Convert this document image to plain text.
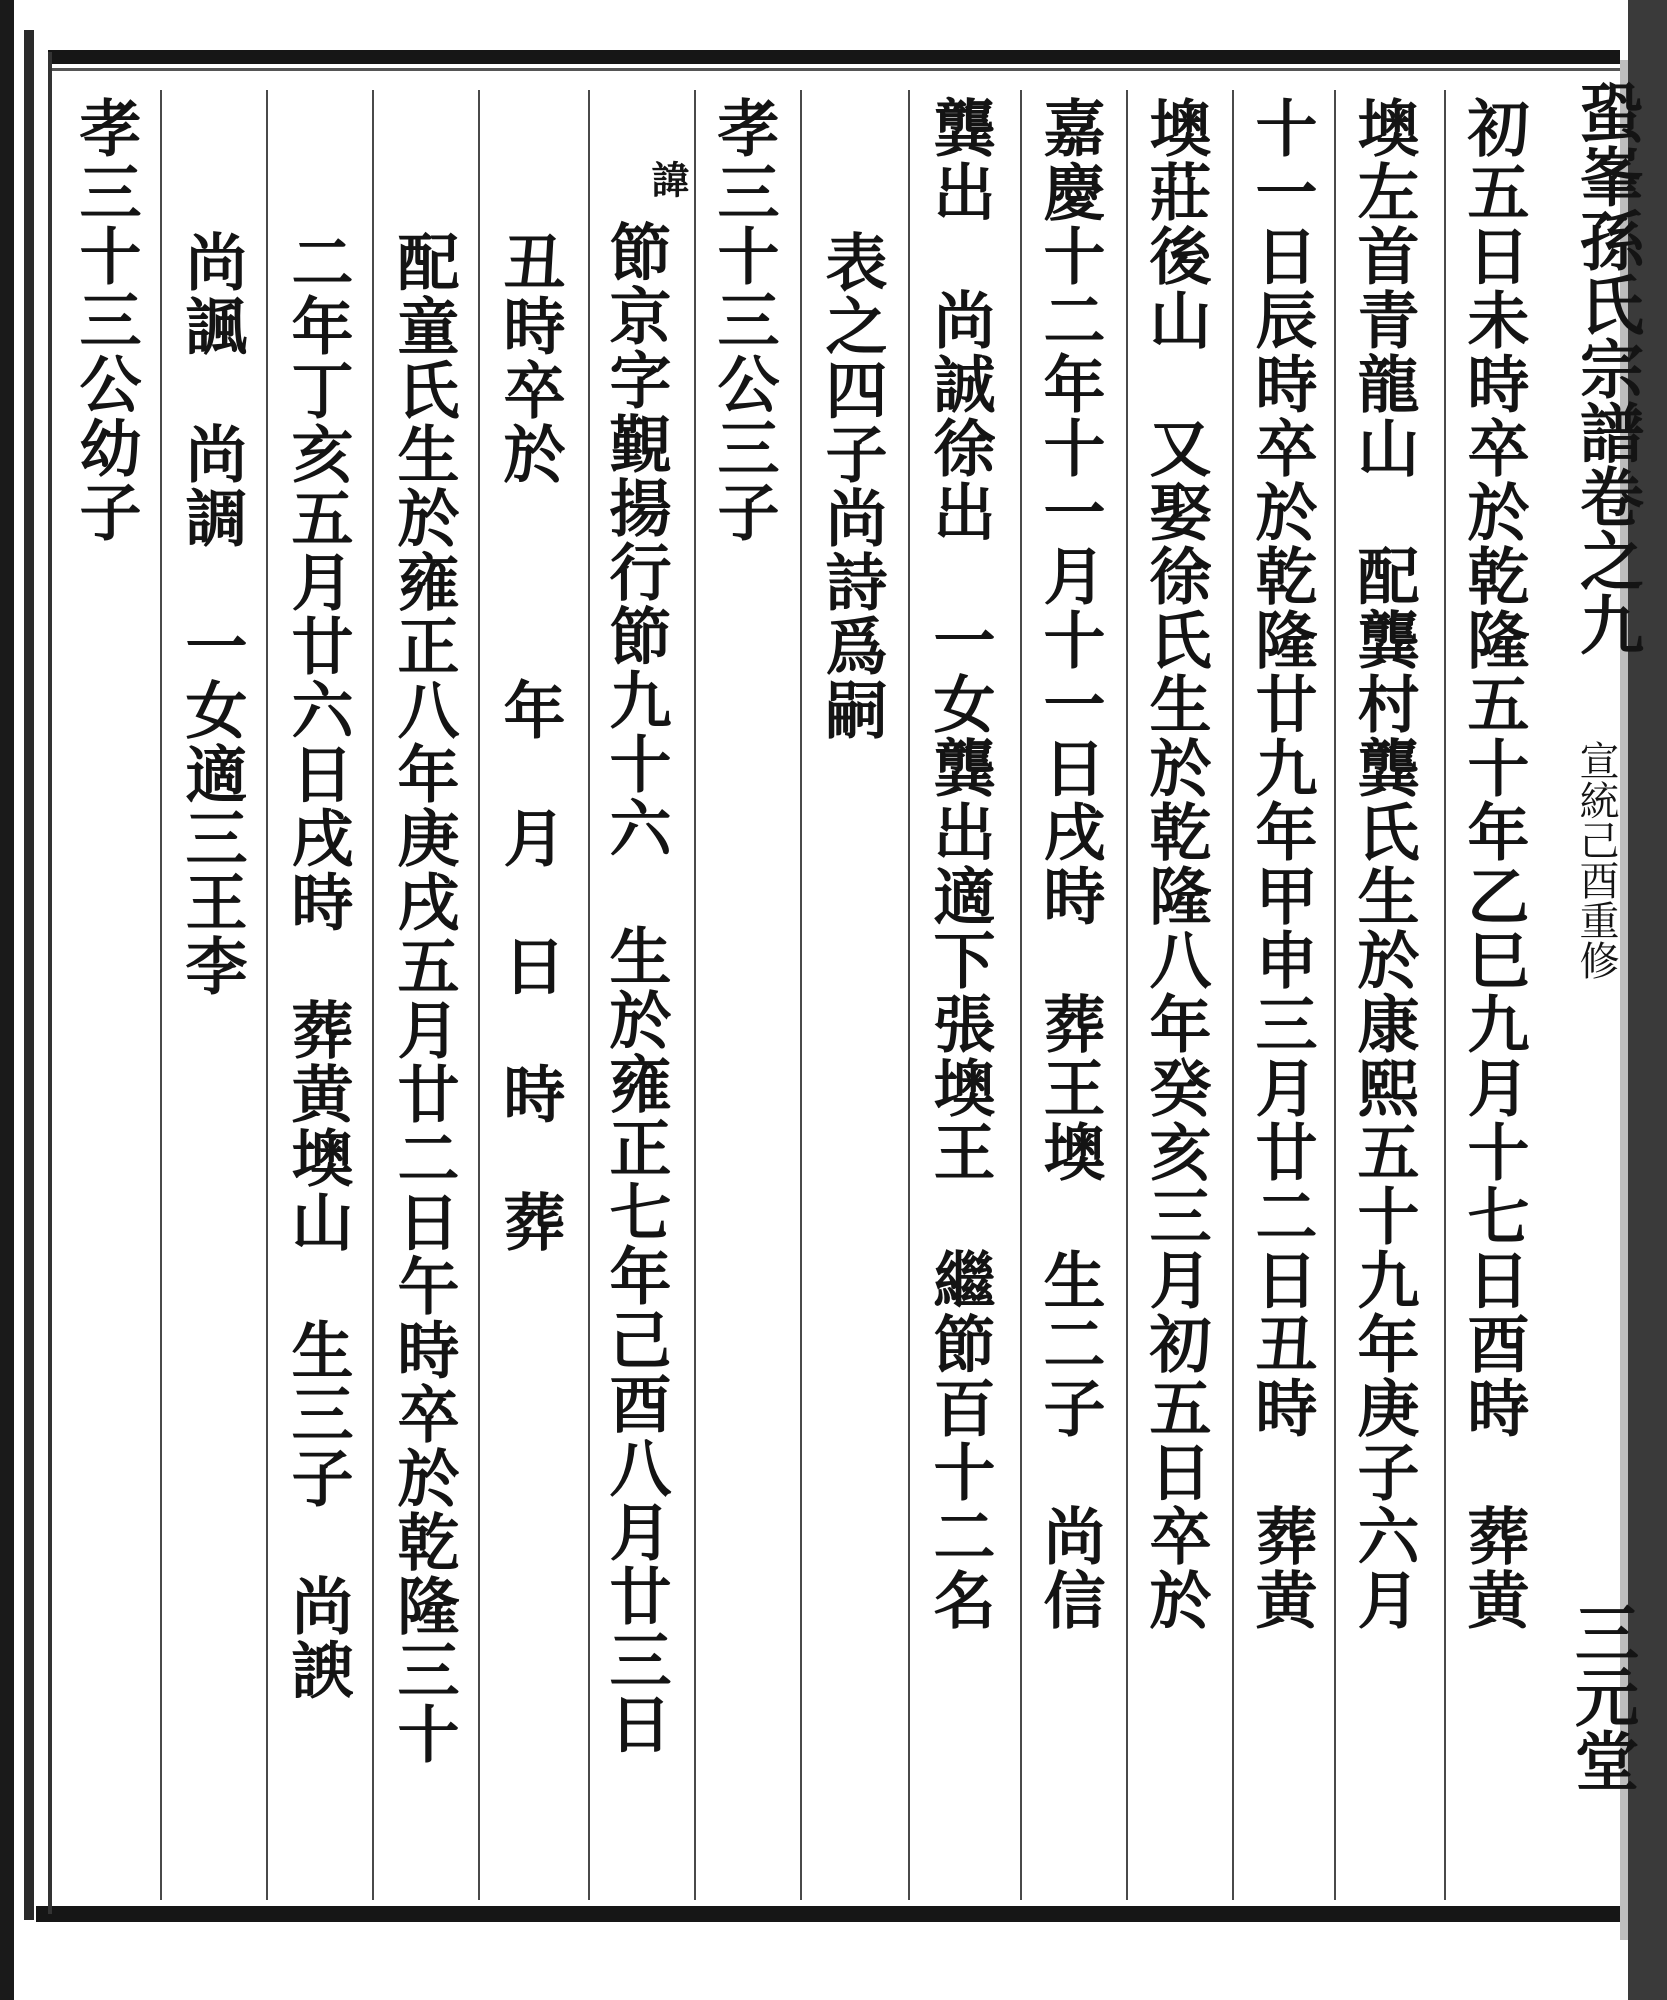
蛩峯孫氏宗譜卷之九
宣統己酉重修
三元堂
初五日未時卒於乾隆五十年乙巳九月十七日酉時　葬黄
墺左首青龍山　配龔村龔氏生於康熙五十九年庚子六月
十一日辰時卒於乾隆廿九年甲申三月廿二日丑時　葬黄
墺莊後山　又娶徐氏生於乾隆八年癸亥三月初五日卒於
嘉慶十二年十一月十一日戌時　葬王墺　生二子　尚信
龔出　尚誠徐出　一女龔出適下張墺王　繼節百十二名
表之四子尚詩爲嗣
孝三十三公三子
諱
節京字覲揚行節九十六　生於雍正七年己酉八月廿三日
丑時卒於　　　年　月　日　時　葬
配童氏生於雍正八年庚戌五月廿二日午時卒於乾隆三十
二年丁亥五月廿六日戌時　葬黄墺山　生三子　尚諛
尚諷　尚調　一女適三王李
孝三十三公幼子
